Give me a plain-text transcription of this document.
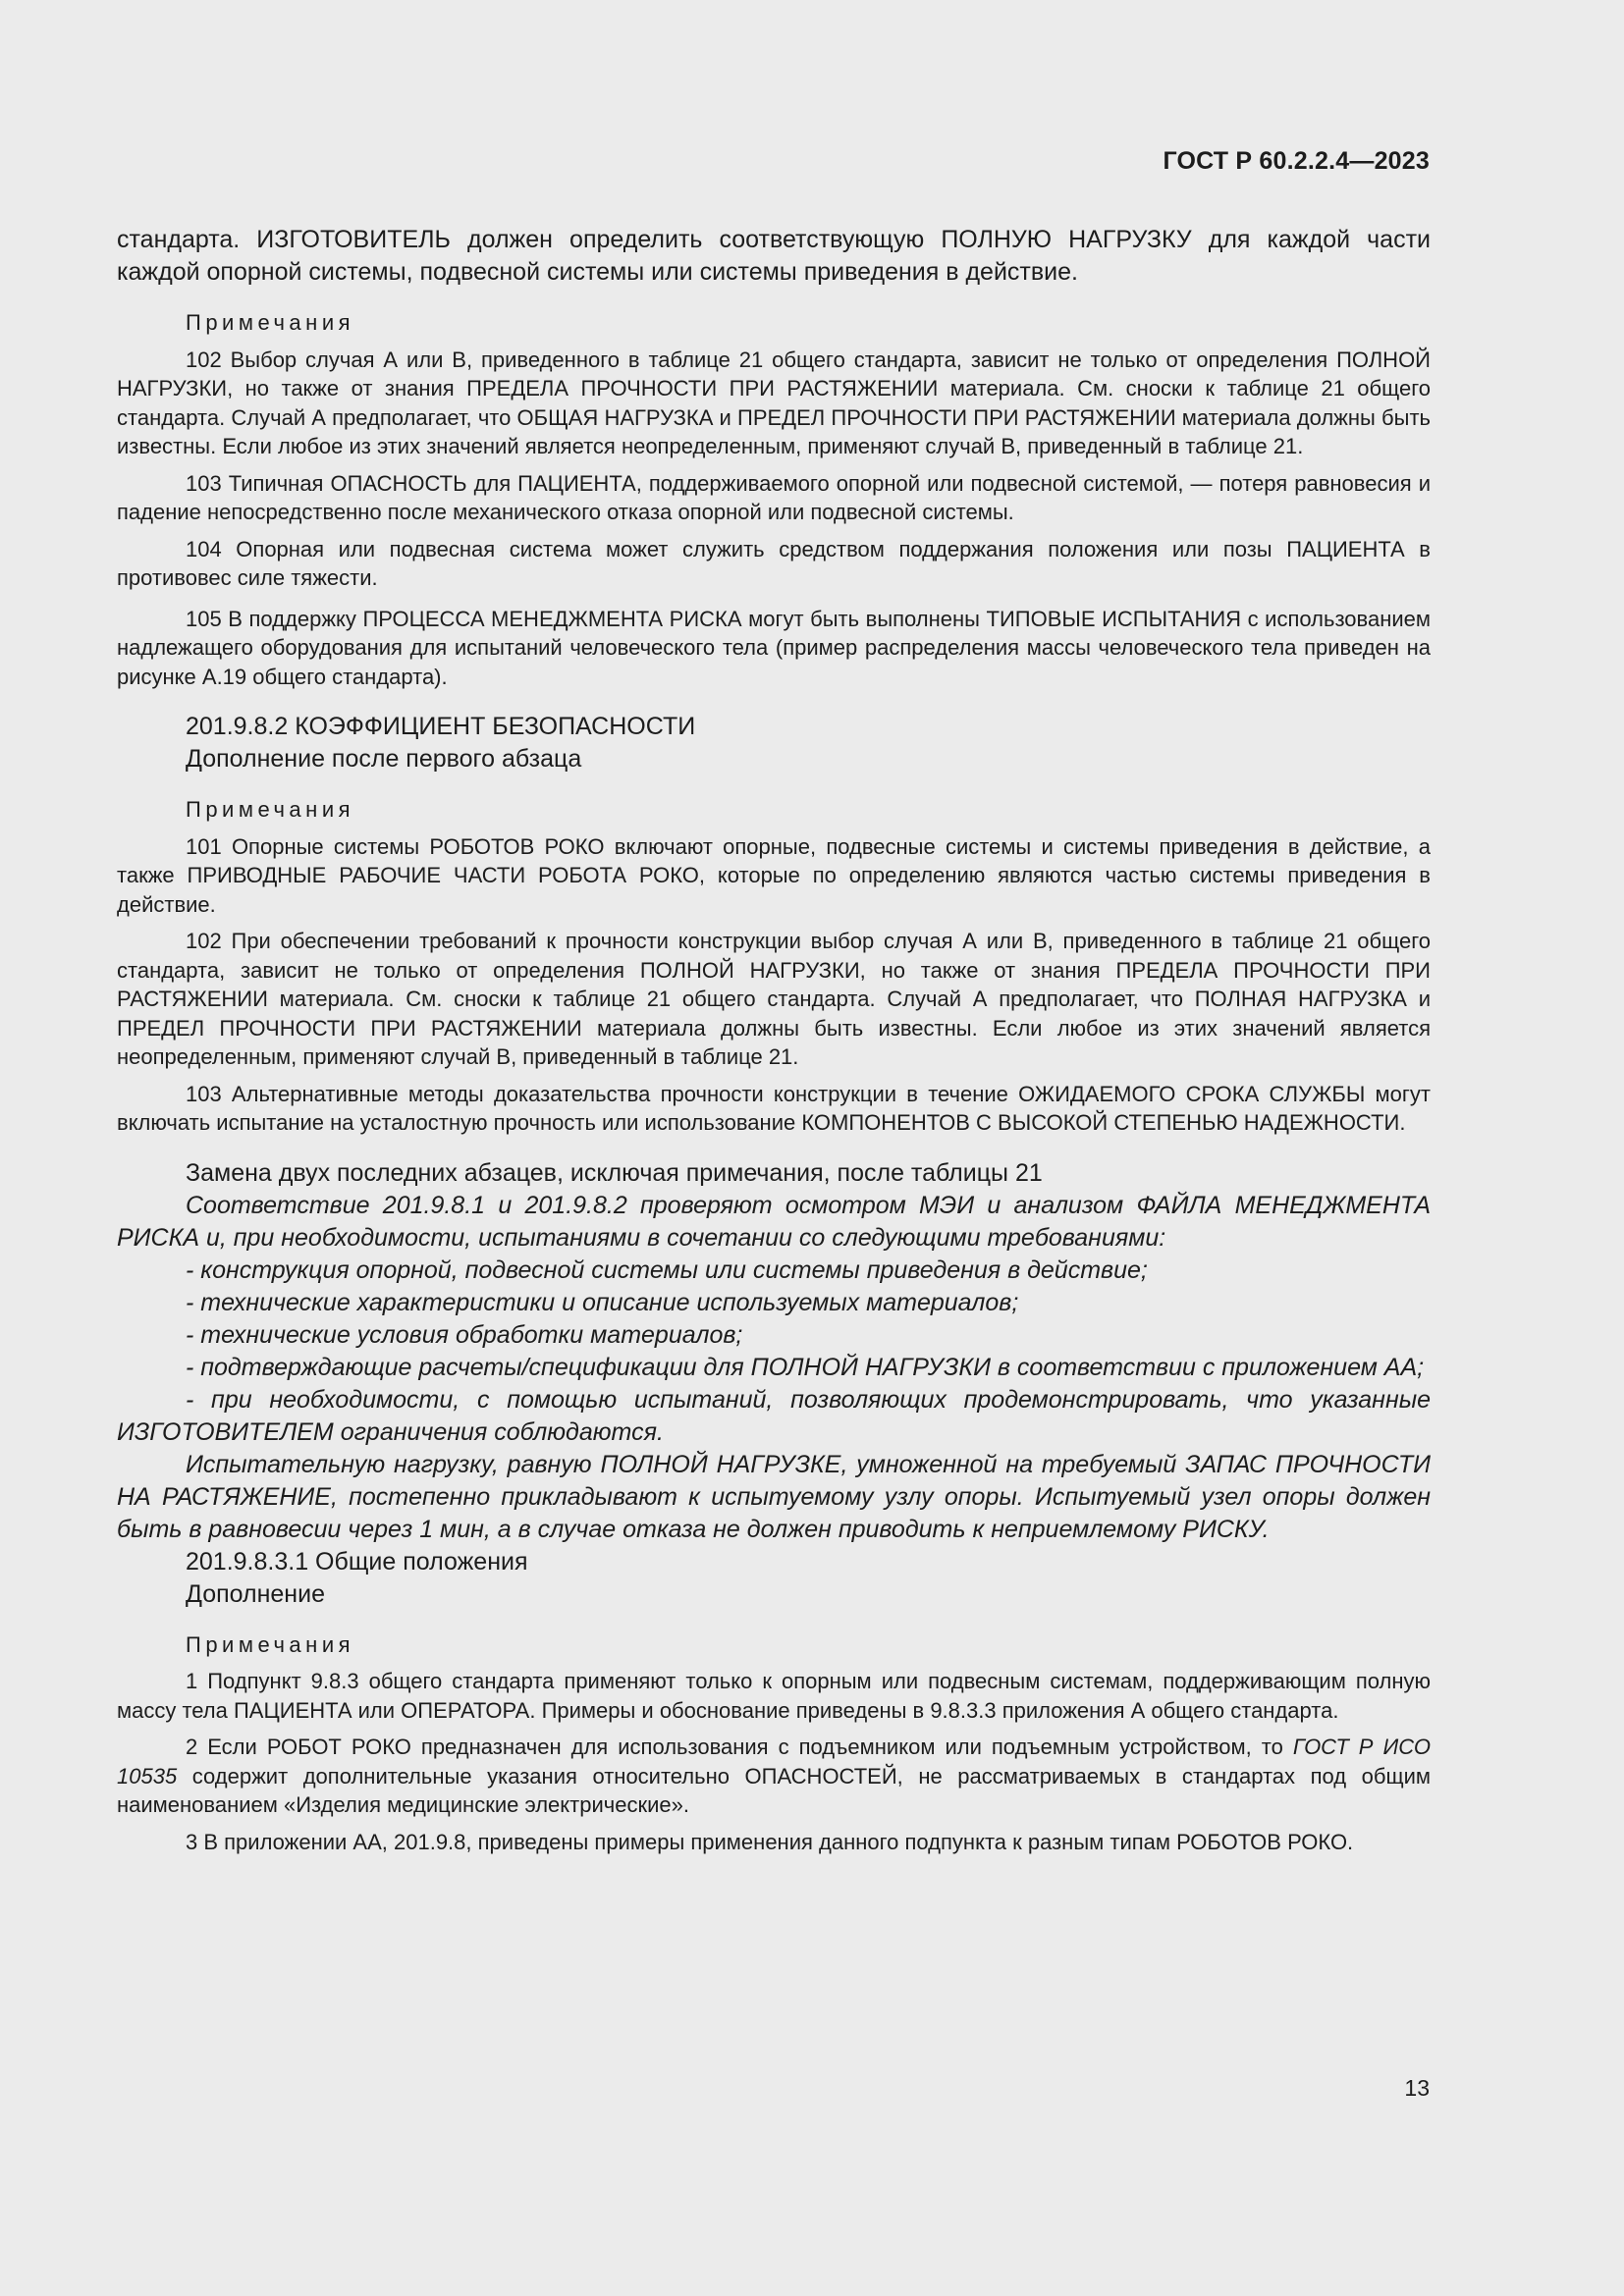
ГОСТ Р 60.2.2.4—2023

стандарта. ИЗГОТОВИТЕЛЬ должен определить соответствующую ПОЛНУЮ НАГРУЗКУ для каждой части каждой опорной системы, подвесной системы или системы приведения в действие.

Примечания

102 Выбор случая А или В, приведенного в таблице 21 общего стандарта, зависит не только от определения ПОЛНОЙ НАГРУЗКИ, но также от знания ПРЕДЕЛА ПРОЧНОСТИ ПРИ РАСТЯЖЕНИИ материала. См. сноски к таблице 21 общего стандарта. Случай А предполагает, что ОБЩАЯ НАГРУЗКА и ПРЕДЕЛ ПРОЧНОСТИ ПРИ РАСТЯЖЕНИИ материала должны быть известны. Если любое из этих значений является неопределенным, применяют случай В, приведенный в таблице 21.

103 Типичная ОПАСНОСТЬ для ПАЦИЕНТА, поддерживаемого опорной или подвесной системой, — потеря равновесия и падение непосредственно после механического отказа опорной или подвесной системы.

104 Опорная или подвесная система может служить средством поддержания положения или позы ПАЦИЕНТА в противовес силе тяжести.

105 В поддержку ПРОЦЕССА МЕНЕДЖМЕНТА РИСКА могут быть выполнены ТИПОВЫЕ ИСПЫТАНИЯ с использованием надлежащего оборудования для испытаний человеческого тела (пример распределения массы человеческого тела приведен на рисунке А.19 общего стандарта).

201.9.8.2 КОЭФФИЦИЕНТ БЕЗОПАСНОСТИ

Дополнение после первого абзаца

Примечания

101 Опорные системы РОБОТОВ РОКО включают опорные, подвесные системы и системы приведения в действие, а также ПРИВОДНЫЕ РАБОЧИЕ ЧАСТИ РОБОТА РОКО, которые по определению являются частью системы приведения в действие.

102 При обеспечении требований к прочности конструкции выбор случая А или В, приведенного в таблице 21 общего стандарта, зависит не только от определения ПОЛНОЙ НАГРУЗКИ, но также от знания ПРЕДЕЛА ПРОЧНОСТИ ПРИ РАСТЯЖЕНИИ материала. См. сноски к таблице 21 общего стандарта. Случай А предполагает, что ПОЛНАЯ НАГРУЗКА и ПРЕДЕЛ ПРОЧНОСТИ ПРИ РАСТЯЖЕНИИ материала должны быть известны. Если любое из этих значений является неопределенным, применяют случай В, приведенный в таблице 21.

103 Альтернативные методы доказательства прочности конструкции в течение ОЖИДАЕМОГО СРОКА СЛУЖБЫ могут включать испытание на усталостную прочность или использование КОМПОНЕНТОВ С ВЫСОКОЙ СТЕПЕНЬЮ НАДЕЖНОСТИ.

Замена двух последних абзацев, исключая примечания, после таблицы 21

Соответствие 201.9.8.1 и 201.9.8.2 проверяют осмотром МЭИ и анализом ФАЙЛА МЕНЕДЖМЕНТА РИСКА и, при необходимости, испытаниями в сочетании со следующими требованиями:

- конструкция опорной, подвесной системы или системы приведения в действие;

- технические характеристики и описание используемых материалов;

- технические условия обработки материалов;

- подтверждающие расчеты/спецификации для ПОЛНОЙ НАГРУЗКИ в соответствии с приложением АА;

- при необходимости, с помощью испытаний, позволяющих продемонстрировать, что указанные ИЗГОТОВИТЕЛЕМ ограничения соблюдаются.

Испытательную нагрузку, равную ПОЛНОЙ НАГРУЗКЕ, умноженной на требуемый ЗАПАС ПРОЧНОСТИ НА РАСТЯЖЕНИЕ, постепенно прикладывают к испытуемому узлу опоры. Испытуемый узел опоры должен быть в равновесии через 1 мин, а в случае отказа не должен приводить к неприемлемому РИСКУ.

201.9.8.3.1 Общие положения

Дополнение

Примечания

1 Подпункт 9.8.3 общего стандарта применяют только к опорным или подвесным системам, поддерживающим полную массу тела ПАЦИЕНТА или ОПЕРАТОРА. Примеры и обоснование приведены в 9.8.3.3 приложения А общего стандарта.

2 Если РОБОТ РОКО предназначен для использования с подъемником или подъемным устройством, то ГОСТ Р ИСО 10535 содержит дополнительные указания относительно ОПАСНОСТЕЙ, не рассматриваемых в стандартах под общим наименованием «Изделия медицинские электрические».

3 В приложении АА, 201.9.8, приведены примеры применения данного подпункта к разным типам РОБОТОВ РОКО.

13
